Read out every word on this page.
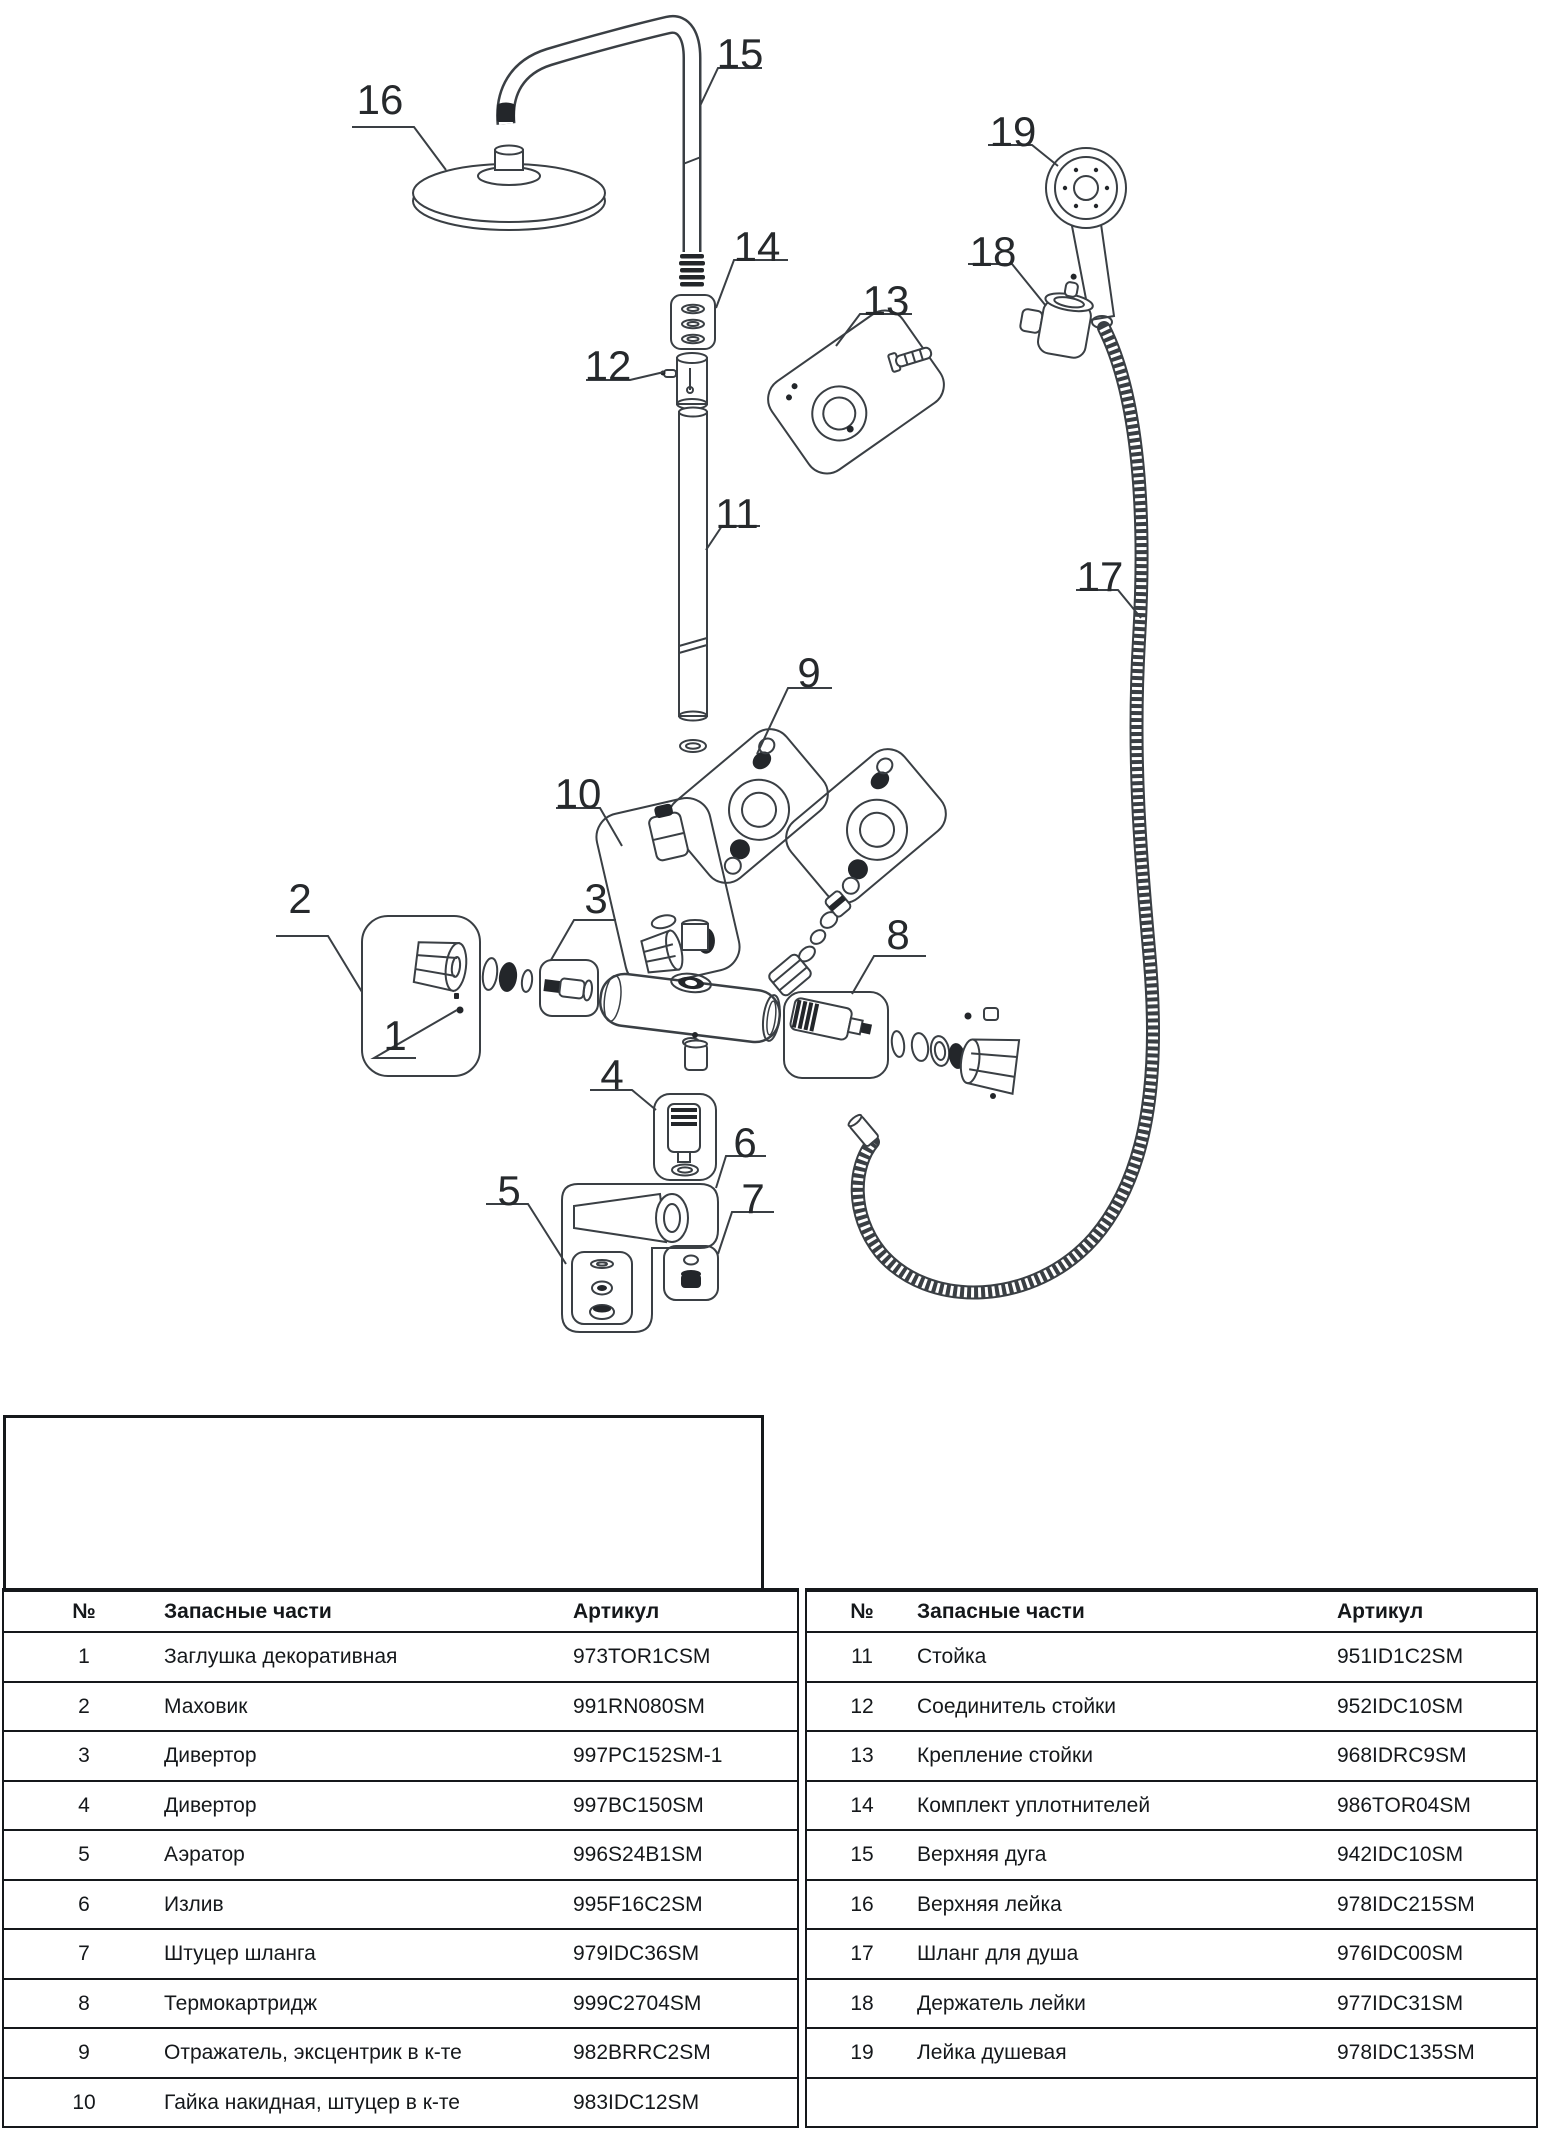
1
2	3
4
5
6
7
8
9
10
11
12
13
14
15
16
17
18
19
№	Запасные части	Артикул
1	Заглушка декоративная	973TOR1CSM
2	Маховик	991RN080SM
3	Дивертор	997PC152SM-1
4	Дивертор	997BC150SM
5	Аэратор	996S24B1SM
6	Излив	995F16C2SM
7	Штуцер шланга	979IDC36SM
8	Термокартридж	999C2704SM
9	Отражатель, эксцентрик в к-те	982BRRC2SM
10	Гайка накидная, штуцер в к-те	983IDC12SM
№	Запасные части	Артикул
11	Стойка	951ID1C2SM
12	Соединитель стойки	952IDC10SM
13	Крепление стойки	968IDRC9SM
14	Комплект уплотнителей	986TOR04SM
15	Верхняя дуга	942IDC10SM
16	Верхняя лейка	978IDC215SM
17	Шланг для душа	976IDC00SM
18	Держатель лейки	977IDC31SM
19	Лейка душевая	978IDC135SM
